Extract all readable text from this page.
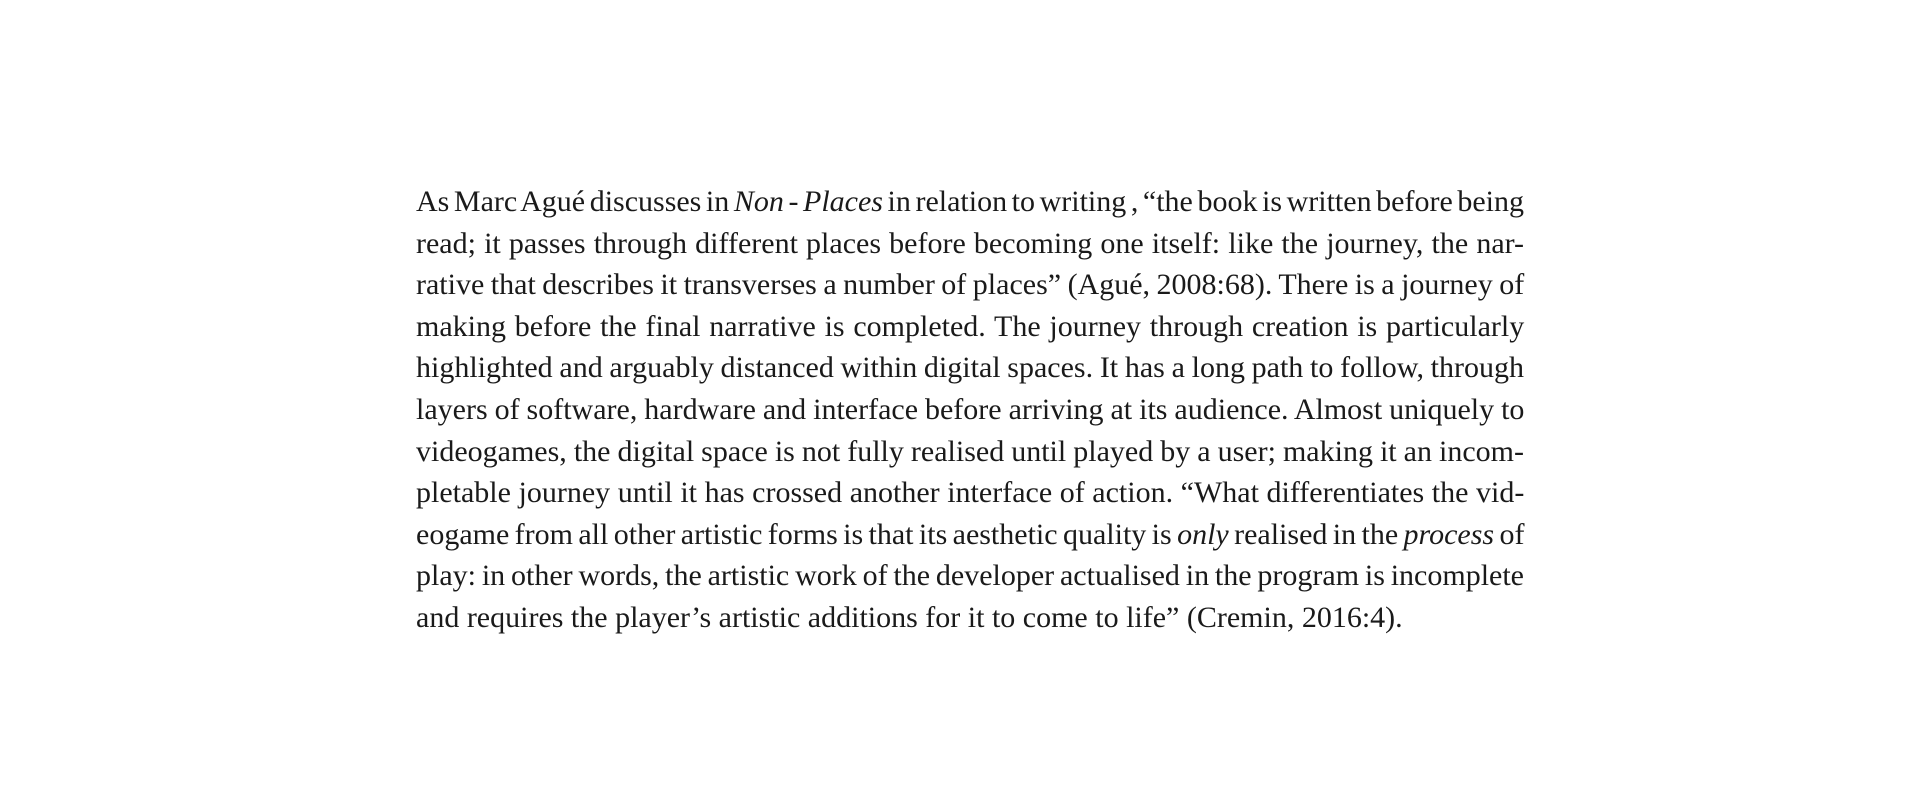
As Marc Agué discusses in Non - Places in relation to writing , “the book is written before being
read; it passes through different places before becoming one itself: like the journey, the nar-
rative that describes it transverses a number of places” (Agué, 2008:68). There is a journey of
making before the final narrative is completed. The journey through creation is particularly
highlighted and arguably distanced within digital spaces. It has a long path to follow, through
layers of software, hardware and interface before arriving at its audience. Almost uniquely to
videogames, the digital space is not fully realised until played by a user; making it an incom-
pletable journey until it has crossed another interface of action. “What differentiates the vid-
eogame from all other artistic forms is that its aesthetic quality is only realised in the process of
play: in other words, the artistic work of the developer actualised in the program is incomplete
and requires the player’s artistic additions for it to come to life” (Cremin, 2016:4).
